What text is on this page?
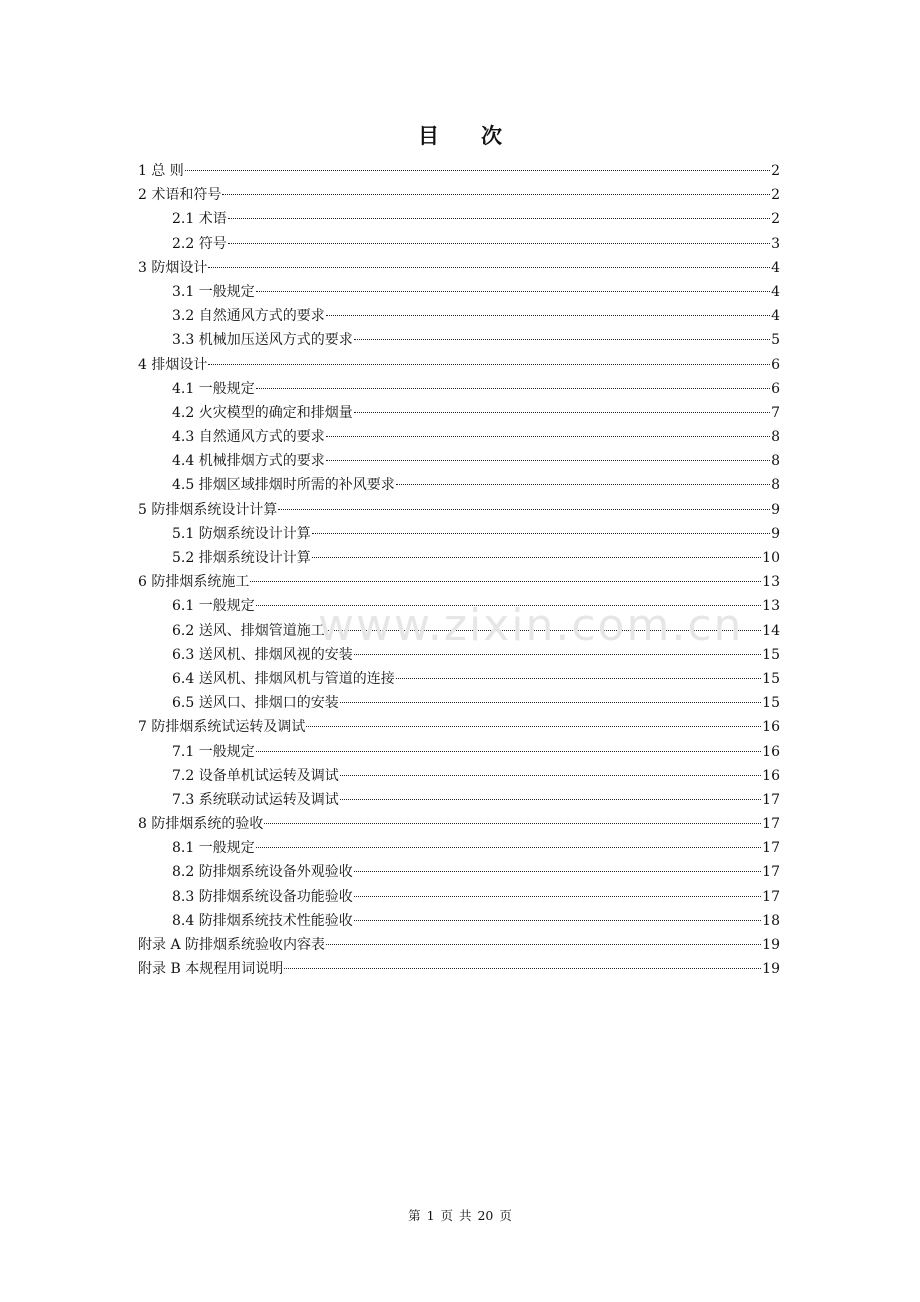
目　　次
1 总 则	2
2 术语和符号	2
2.1 术语	2
2.2 符号	3
3 防烟设计	4
3.1 一般规定	4
3.2 自然通风方式的要求	4
3.3 机械加压送风方式的要求	5
4 排烟设计	6
4.1 一般规定	6
4.2 火灾模型的确定和排烟量	7
4.3 自然通风方式的要求	8
4.4 机械排烟方式的要求	8
4.5 排烟区域排烟时所需的补风要求	8
5 防排烟系统设计计算	9
5.1 防烟系统设计计算	9
5.2 排烟系统设计计算	10
6 防排烟系统施工	13
6.1 一般规定	13
6.2 送风、排烟管道施工	14
6.3 送风机、排烟风视的安装	15
6.4 送风机、排烟风机与管道的连接	15
6.5 送风口、排烟口的安装	15
7 防排烟系统试运转及调试	16
7.1 一般规定	16
7.2 设备单机试运转及调试	16
7.3 系统联动试运转及调试	17
8 防排烟系统的验收	17
8.1 一般规定	17
8.2 防排烟系统设备外观验收	17
8.3 防排烟系统设备功能验收	17
8.4 防排烟系统技术性能验收	18
附录 A 防排烟系统验收内容表	19
附录 B 本规程用词说明	19
www.zixin.com.cn
第 1 页 共 20 页
